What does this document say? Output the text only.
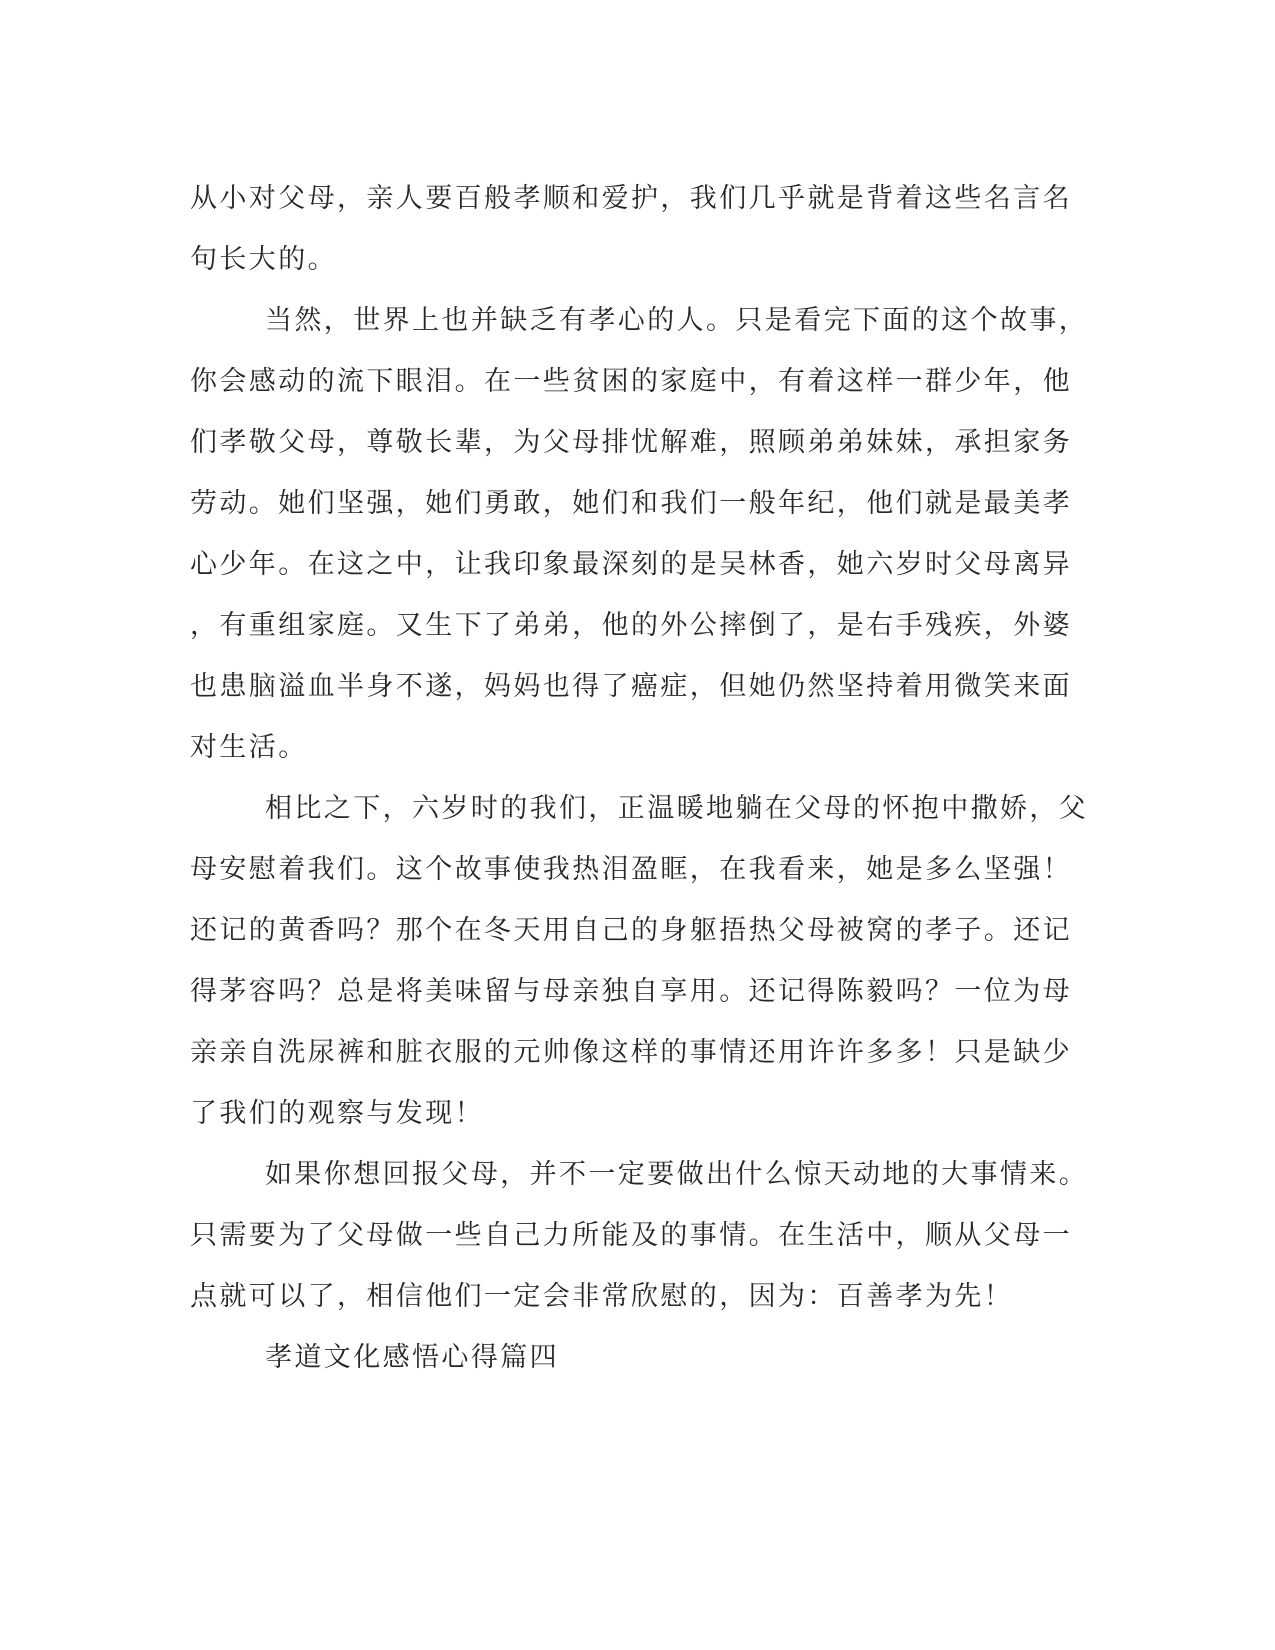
从小对父母，亲人要百般孝顺和爱护，我们几乎就是背着这些名言名
句长大的。
当然，世界上也并缺乏有孝心的人。只是看完下面的这个故事，
你会感动的流下眼泪。在一些贫困的家庭中，有着这样一群少年，他
们孝敬父母，尊敬长辈，为父母排忧解难，照顾弟弟妹妹，承担家务
劳动。她们坚强，她们勇敢，她们和我们一般年纪，他们就是最美孝
心少年。在这之中，让我印象最深刻的是吴林香，她六岁时父母离异
，有重组家庭。又生下了弟弟，他的外公摔倒了，是右手残疾，外婆
也患脑溢血半身不遂，妈妈也得了癌症，但她仍然坚持着用微笑来面
对生活。
相比之下，六岁时的我们，正温暖地躺在父母的怀抱中撒娇，父
母安慰着我们。这个故事使我热泪盈眶，在我看来，她是多么坚强！
还记的黄香吗？那个在冬天用自己的身躯捂热父母被窝的孝子。还记
得茅容吗？总是将美味留与母亲独自享用。还记得陈毅吗？一位为母
亲亲自洗尿裤和脏衣服的元帅像这样的事情还用许许多多！只是缺少
了我们的观察与发现！
如果你想回报父母，并不一定要做出什么惊天动地的大事情来。
只需要为了父母做一些自己力所能及的事情。在生活中，顺从父母一
点就可以了，相信他们一定会非常欣慰的，因为：百善孝为先！
孝道文化感悟心得篇四
